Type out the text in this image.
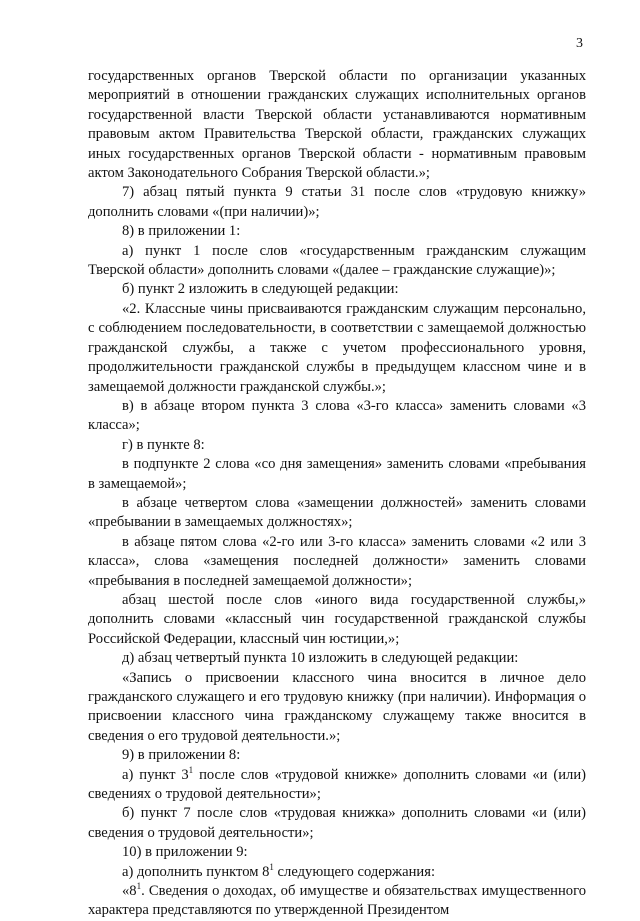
3

государственных органов Тверской области по организации указанных мероприятий в отношении гражданских служащих исполнительных органов государственной власти Тверской области устанавливаются нормативным правовым актом Правительства Тверской области, гражданских служащих иных государственных органов Тверской области - нормативным правовым актом Законодательного Собрания Тверской области.»;

7) абзац пятый пункта 9 статьи 31 после слов «трудовую книжку» дополнить словами «(при наличии)»;

8) в приложении 1:

а) пункт 1 после слов «государственным гражданским служащим Тверской области» дополнить словами «(далее – гражданские служащие)»;

б) пункт 2 изложить в следующей редакции:

«2. Классные чины присваиваются гражданским служащим персонально, с соблюдением последовательности, в соответствии с замещаемой должностью гражданской службы, а также с учетом профессионального уровня, продолжительности гражданской службы в предыдущем классном чине и в замещаемой должности гражданской службы.»;

в) в абзаце втором пункта 3 слова «3-го класса» заменить словами «3 класса»;

г) в пункте 8:

в подпункте 2 слова «со дня замещения» заменить словами «пребывания в замещаемой»;

в абзаце четвертом слова «замещении должностей» заменить словами «пребывании в замещаемых должностях»;

в абзаце пятом слова «2-го или 3-го класса» заменить словами «2 или 3 класса», слова «замещения последней должности» заменить словами «пребывания в последней замещаемой должности»;

абзац шестой после слов «иного вида государственной службы,» дополнить словами «классный чин государственной гражданской службы Российской Федерации, классный чин юстиции,»;

д) абзац четвертый пункта 10 изложить в следующей редакции:

«Запись о присвоении классного чина вносится в личное дело гражданского служащего и его трудовую книжку (при наличии). Информация о присвоении классного чина гражданскому служащему также вносится в сведения о его трудовой деятельности.»;

9) в приложении 8:

а) пункт $3^1$ после слов «трудовой книжке» дополнить словами «и (или) сведениях о трудовой деятельности»;

б) пункт 7 после слов «трудовая книжка» дополнить словами «и (или) сведения о трудовой деятельности»;

10) в приложении 9:

а) дополнить пунктом $8^1$ следующего содержания:

«$8^1$. Сведения о доходах, об имуществе и обязательствах имущественного характера представляются по утвержденной Президентом
